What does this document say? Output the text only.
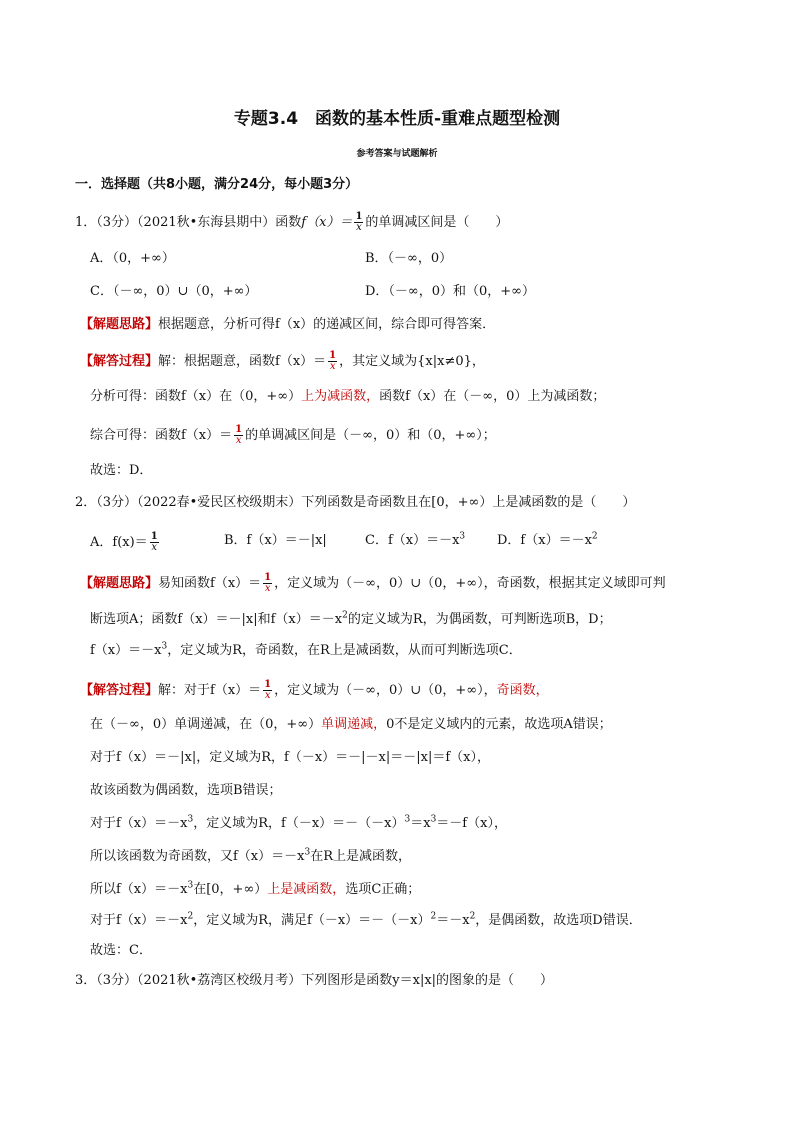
专题3.4　函数的基本性质-重难点题型检测
参考答案与试题解析
一．选择题（共8小题，满分24分，每小题3分）
1．（3分）（2021秋•东海县期中）函数$f(x)= \frac{1}{x}$ 的单调减区间是（　　）
A．（0，+∞）	B．（－∞，0）
C．（－∞，0）∪（0，+∞）	D．（－∞，0）和（0，+∞）
【解题思路】根据题意，分析可得f（x）的递减区间，综合即可得答案．
【解答过程】解：根据题意，函数$f(x)= \frac{1}{x}$ ，其定义域为{x|x≠0}，
分析可得：函数f（x）在（0，+∞）上为减函数，函数f（x）在（－∞，0）上为减函数；
综合可得：函数$f(x)= \frac{1}{x}$ 的单调减区间是（－∞，0）和（0，+∞）；
故选：D．
2．（3分）（2022春•爱民区校级期末）下列函数是奇函数且在[0，+∞）上是减函数的是（　　）
A．$f(x)= \frac{1}{x}$	B．f（x）＝－|x|	C．$f(x)=-x^3$ D．$f(x)=-x^2$
【解题思路】易知函数$f(x)= \frac{1}{x}$ ，定义域为（－∞，0）∪（0，+∞），奇函数，根据其定义域即可判
断选项A；函数f（x）＝－|x|和$f(x)=-x^2$的定义域为R，为偶函数，可判断选项B，D；
$f(x)=-x^3$，定义域为R，奇函数，在R上是减函数，从而可判断选项C．
【解答过程】解：对于$f(x)= \frac{1}{x}$ ，定义域为（－∞，0）∪（0，+∞），奇函数，
在（－∞，0）单调递减，在（0，+∞）单调递减，0不是定义域内的元素，故选项A错误；
对于f（x）＝－|x|，定义域为R，f（－x）＝－|－x|＝－|x|＝f（x），
故该函数为偶函数，选项B错误；
对于$f(x)=-x^3$，定义域为R，$f(-x)=-(-x)^3=x^3=-f(x)$，
所以该函数为奇函数，又$f(x)=-x^3$在R上是减函数，
所以$f(x)=-x^3$在[0，+∞）上是减函数，选项C正确；
对于$f(x)=-x^2$，定义域为R，满足$f(-x)=-(-x)^2=-x^2$，是偶函数，故选项D错误．
故选：C．
3．（3分）（2021秋•荔湾区校级月考）下列图形是函数y＝x|x|的图象的是（　　）
